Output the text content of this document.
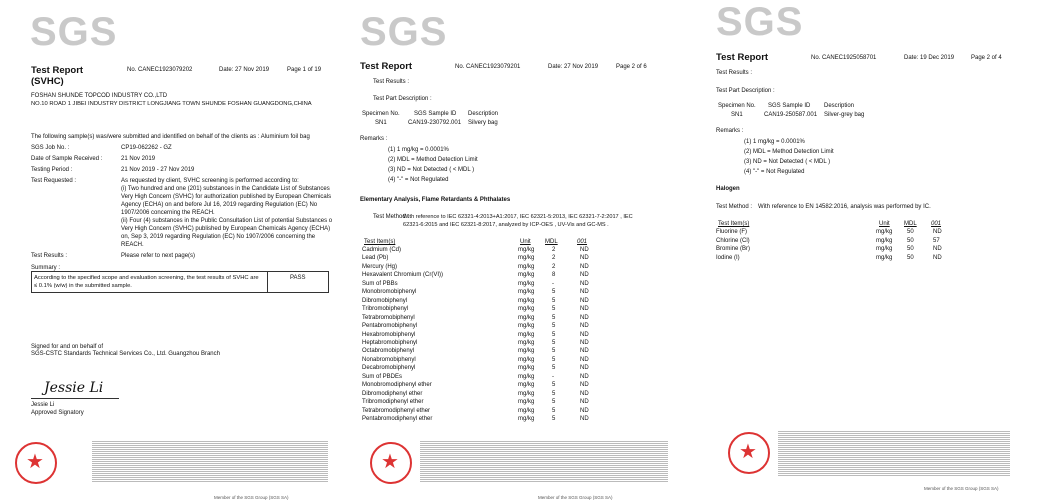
SGS
Test Report
(SVHC)
No. CANEC1923079202	Date: 27 Nov 2019	Page 1 of 19
FOSHAN SHUNDE TOPCOD INDUSTRY CO.,LTD
NO.10 ROAD 1 JIBEI INDUSTRY DISTRICT LONGJIANG TOWN SHUNDE FOSHAN GUANGDONG,CHINA
The following sample(s) was/were submitted and identified on behalf of the clients as : Aluminium foil bag
SGS Job No. :	CP19-062262 - GZ
Date of Sample Received :	21 Nov 2019
Testing Period :	21 Nov 2019 - 27 Nov 2019
Test Requested :	As requested by client, SVHC screening is performed according to:
(i) Two hundred and one (201) substances in the Candidate List of Substances
Very High Concern (SVHC) for authorization published by European Chemicals
Agency (ECHA) on and before Jul 16, 2019 regarding Regulation (EC) No
1907/2006 concerning the REACH.
(ii) Four (4) substances in the Public Consultation List of potential Substances o
Very High Concern (SVHC) published by European Chemicals Agency (ECHA)
on, Sep 3, 2019 regarding Regulation (EC) No 1907/2006 concerning the
REACH.
Test Results :	Please refer to next page(s)
Summary :
According to the specified scope and evaluation screening, the test results of SVHC are
≤ 0.1% (w/w) in the submitted sample.
PASS
Signed for and on behalf of
SGS-CSTC Standards Technical Services Co., Ltd. Guangzhou Branch
Jessie Li
Jessie Li
Approved Signatory
★
Member of the SGS Group (SGS SA)
SGS
Test Report	No. CANEC1923079201	Date: 27 Nov 2019	Page 2 of 6
Test Results :
Test Part Description :
Specimen No. SGS Sample ID Description
SN1	CAN19-230792.001 Silvery bag
Remarks :
(1) 1 mg/kg = 0.0001%
(2) MDL = Method Detection Limit
(3) ND = Not Detected ( < MDL )
(4) "-" = Not Regulated
Elementary Analysis, Flame Retardants & Phthalates
Test Method :
With reference to IEC 62321-4:2013+A1:2017, IEC 62321-5:2013, IEC 62321-7-2:2017 , IEC
62321-6:2015 and IEC 62321-8:2017, analyzed by ICP-OES , UV-Vis and GC-MS .
Test Item(s)	Unit MDL	001
Cadmium (Cd)	mg/kg	2	ND
Lead (Pb)	mg/kg	2	ND
Mercury (Hg)	mg/kg	2	ND
Hexavalent Chromium (Cr(VI))	mg/kg	8	ND
Sum of PBBs	mg/kg	-	ND
Monobromobiphenyl	mg/kg	5	ND
Dibromobiphenyl	mg/kg	5	ND
Tribromobiphenyl	mg/kg	5	ND
Tetrabromobiphenyl	mg/kg	5	ND
Pentabromobiphenyl	mg/kg	5	ND
Hexabromobiphenyl	mg/kg	5	ND
Heptabromobiphenyl	mg/kg	5	ND
Octabromobiphenyl	mg/kg	5	ND
Nonabromobiphenyl	mg/kg	5	ND
Decabromobiphenyl	mg/kg	5	ND
Sum of PBDEs	mg/kg	-	ND
Monobromodiphenyl ether	mg/kg	5	ND
Dibromodiphenyl ether	mg/kg	5	ND
Tribromodiphenyl ether	mg/kg	5	ND
Tetrabromodiphenyl ether	mg/kg	5	ND
Pentabromodiphenyl ether	mg/kg	5	ND
★
Member of the SGS Group (SGS SA)
SGS
Test Report	No. CANEC1925058701	Date: 19 Dec 2019	Page 2 of 4
Test Results :
Test Part Description :
Specimen No. SGS Sample ID Description
SN1	CAN19-250587.001 Silver-grey bag
Remarks :
(1) 1 mg/kg = 0.0001%
(2) MDL = Method Detection Limit
(3) ND = Not Detected ( < MDL )
(4) "-" = Not Regulated
Halogen
Test Method : With reference to EN 14582:2016, analysis was performed by IC.
Test Item(s)	Unit MDL 001
Fluorine (F)	mg/kg 50	ND
Chlorine (Cl)	mg/kg 50	57
Bromine (Br)	mg/kg 50	ND
Iodine (I)	mg/kg 50	ND
★
Member of the SGS Group (SGS SA)
